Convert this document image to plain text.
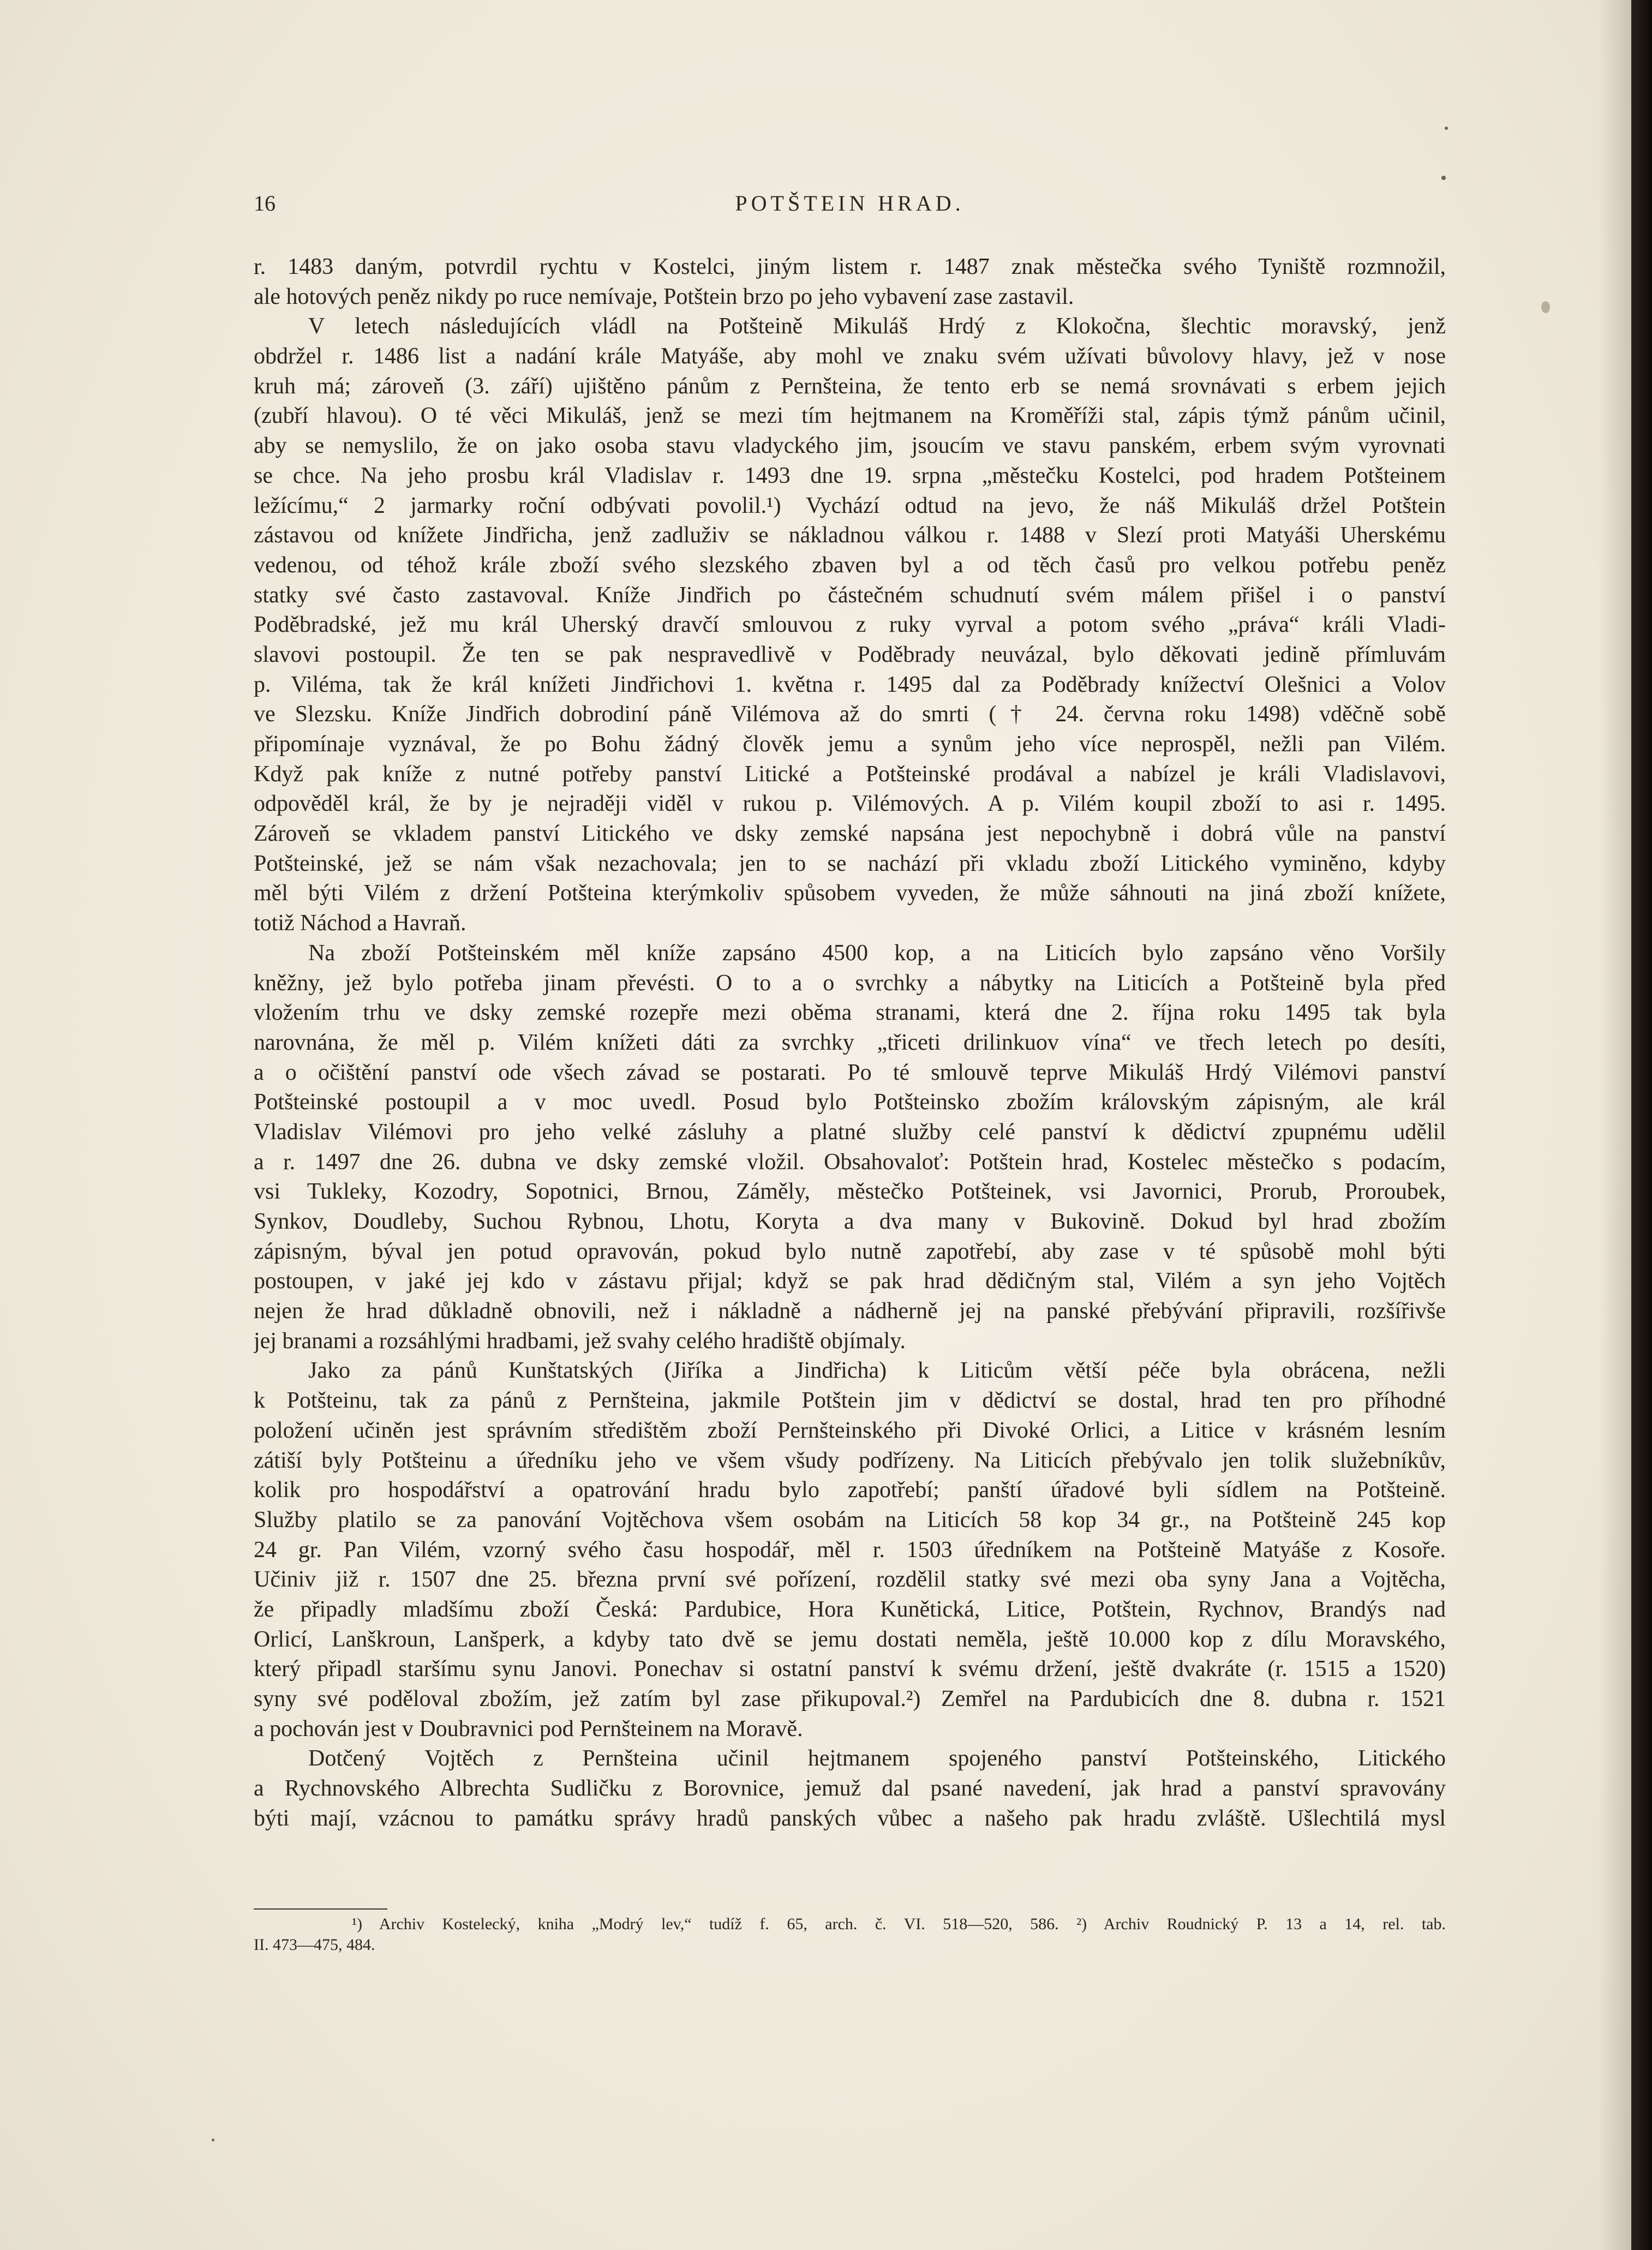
16	POTŠTEIN HRAD.
r. 1483 daným, potvrdil rychtu v Kostelci, jiným listem r. 1487 znak městečka svého Tyniště rozmnožil,
ale hotových peněz nikdy po ruce nemívaje, Potštein brzo po jeho vybavení zase zastavil.
V letech následujících vládl na Potšteině Mikuláš Hrdý z Klokočna, šlechtic moravský, jenž
obdržel r. 1486 list a nadání krále Matyáše, aby mohl ve znaku svém užívati bůvolovy hlavy, jež v nose
kruh má; zároveň (3. září) ujištěno pánům z Pernšteina, že tento erb se nemá srovnávati s erbem jejich
(zubří hlavou). O té věci Mikuláš, jenž se mezi tím hejtmanem na Kroměříži stal, zápis týmž pánům učinil,
aby se nemyslilo, že on jako osoba stavu vladyckého jim, jsoucím ve stavu panském, erbem svým vyrovnati
se chce. Na jeho prosbu král Vladislav r. 1493 dne 19. srpna „městečku Kostelci, pod hradem Potšteinem
ležícímu,“ 2 jarmarky roční odbývati povolil.¹) Vychází odtud na jevo, že náš Mikuláš držel Potštein
zástavou od knížete Jindřicha, jenž zadluživ se nákladnou válkou r. 1488 v Slezí proti Matyáši Uherskému
vedenou, od téhož krále zboží svého slezského zbaven byl a od těch časů pro velkou potřebu peněz
statky své často zastavoval. Kníže Jindřich po částečném schudnutí svém málem přišel i o panství
Poděbradské, jež mu král Uherský dravčí smlouvou z ruky vyrval a potom svého „práva“ králi Vladi-
slavovi postoupil. Že ten se pak nespravedlivě v Poděbrady neuvázal, bylo děkovati jedině přímluvám
p. Viléma, tak že král knížeti Jindřichovi 1. května r. 1495 dal za Poděbrady knížectví Olešnici a Volov
ve Slezsku. Kníže Jindřich dobrodiní páně Vilémova až do smrti († 24. června roku 1498) vděčně sobě
připomínaje vyznával, že po Bohu žádný člověk jemu a synům jeho více neprospěl, nežli pan Vilém.
Když pak kníže z nutné potřeby panství Litické a Potšteinské prodával a nabízel je králi Vladislavovi,
odpověděl král, že by je nejraději viděl v rukou p. Vilémových. A p. Vilém koupil zboží to asi r. 1495.
Zároveň se vkladem panství Litického ve dsky zemské napsána jest nepochybně i dobrá vůle na panství
Potšteinské, jež se nám však nezachovala; jen to se nachází při vkladu zboží Litického vyminěno, kdyby
měl býti Vilém z držení Potšteina kterýmkoliv spůsobem vyveden, že může sáhnouti na jiná zboží knížete,
totiž Náchod a Havraň.
Na zboží Potšteinském měl kníže zapsáno 4500 kop, a na Liticích bylo zapsáno věno Voršily
kněžny, jež bylo potřeba jinam převésti. O to a o svrchky a nábytky na Liticích a Potšteině byla před
vložením trhu ve dsky zemské rozepře mezi oběma stranami, která dne 2. října roku 1495 tak byla
narovnána, že měl p. Vilém knížeti dáti za svrchky „třiceti drilinkuov vína“ ve třech letech po desíti,
a o očištění panství ode všech závad se postarati. Po té smlouvě teprve Mikuláš Hrdý Vilémovi panství
Potšteinské postoupil a v moc uvedl. Posud bylo Potšteinsko zbožím královským zápisným, ale král
Vladislav Vilémovi pro jeho velké zásluhy a platné služby celé panství k dědictví zpupnému udělil
a r. 1497 dne 26. dubna ve dsky zemské vložil. Obsahovaloť: Potštein hrad, Kostelec městečko s podacím,
vsi Tukleky, Kozodry, Sopotnici, Brnou, Záměly, městečko Potšteinek, vsi Javornici, Prorub, Proroubek,
Synkov, Doudleby, Suchou Rybnou, Lhotu, Koryta a dva many v Bukovině. Dokud byl hrad zbožím
zápisným, býval jen potud opravován, pokud bylo nutně zapotřebí, aby zase v té spůsobě mohl býti
postoupen, v jaké jej kdo v zástavu přijal; když se pak hrad dědičným stal, Vilém a syn jeho Vojtěch
nejen že hrad důkladně obnovili, než i nákladně a nádherně jej na panské přebývání připravili, rozšířivše
jej branami a rozsáhlými hradbami, jež svahy celého hradiště objímaly.
Jako za pánů Kunštatských (Jiříka a Jindřicha) k Liticům větší péče byla obrácena, nežli
k Potšteinu, tak za pánů z Pernšteina, jakmile Potštein jim v dědictví se dostal, hrad ten pro příhodné
položení učiněn jest správním středištěm zboží Pernšteinského při Divoké Orlici, a Litice v krásném lesním
zátiší byly Potšteinu a úředníku jeho ve všem všudy podřízeny. Na Liticích přebývalo jen tolik služebníkův,
kolik pro hospodářství a opatrování hradu bylo zapotřebí; panští úřadové byli sídlem na Potšteině.
Služby platilo se za panování Vojtěchova všem osobám na Liticích 58 kop 34 gr., na Potšteině 245 kop
24 gr. Pan Vilém, vzorný svého času hospodář, měl r. 1503 úředníkem na Potšteině Matyáše z Kosoře.
Učiniv již r. 1507 dne 25. března první své pořízení, rozdělil statky své mezi oba syny Jana a Vojtěcha,
že připadly mladšímu zboží Česká: Pardubice, Hora Kunětická, Litice, Potštein, Rychnov, Brandýs nad
Orlicí, Lanškroun, Lanšperk, a kdyby tato dvě se jemu dostati neměla, ještě 10.000 kop z dílu Moravského,
který připadl staršímu synu Janovi. Ponechav si ostatní panství k svému držení, ještě dvakráte (r. 1515 a 1520)
syny své poděloval zbožím, jež zatím byl zase přikupoval.²) Zemřel na Pardubicích dne 8. dubna r. 1521
a pochován jest v Doubravnici pod Pernšteinem na Moravě.
Dotčený Vojtěch z Pernšteina učinil hejtmanem spojeného panství Potšteinského, Litického
a Rychnovského Albrechta Sudličku z Borovnice, jemuž dal psané navedení, jak hrad a panství spravovány
býti mají, vzácnou to památku správy hradů panských vůbec a našeho pak hradu zvláště. Ušlechtilá mysl
¹) Archiv Kostelecký, kniha „Modrý lev,“ tudíž f. 65, arch. č. VI. 518—520, 586. ²) Archiv Roudnický P. 13 a 14, rel. tab.
II. 473—475, 484.
